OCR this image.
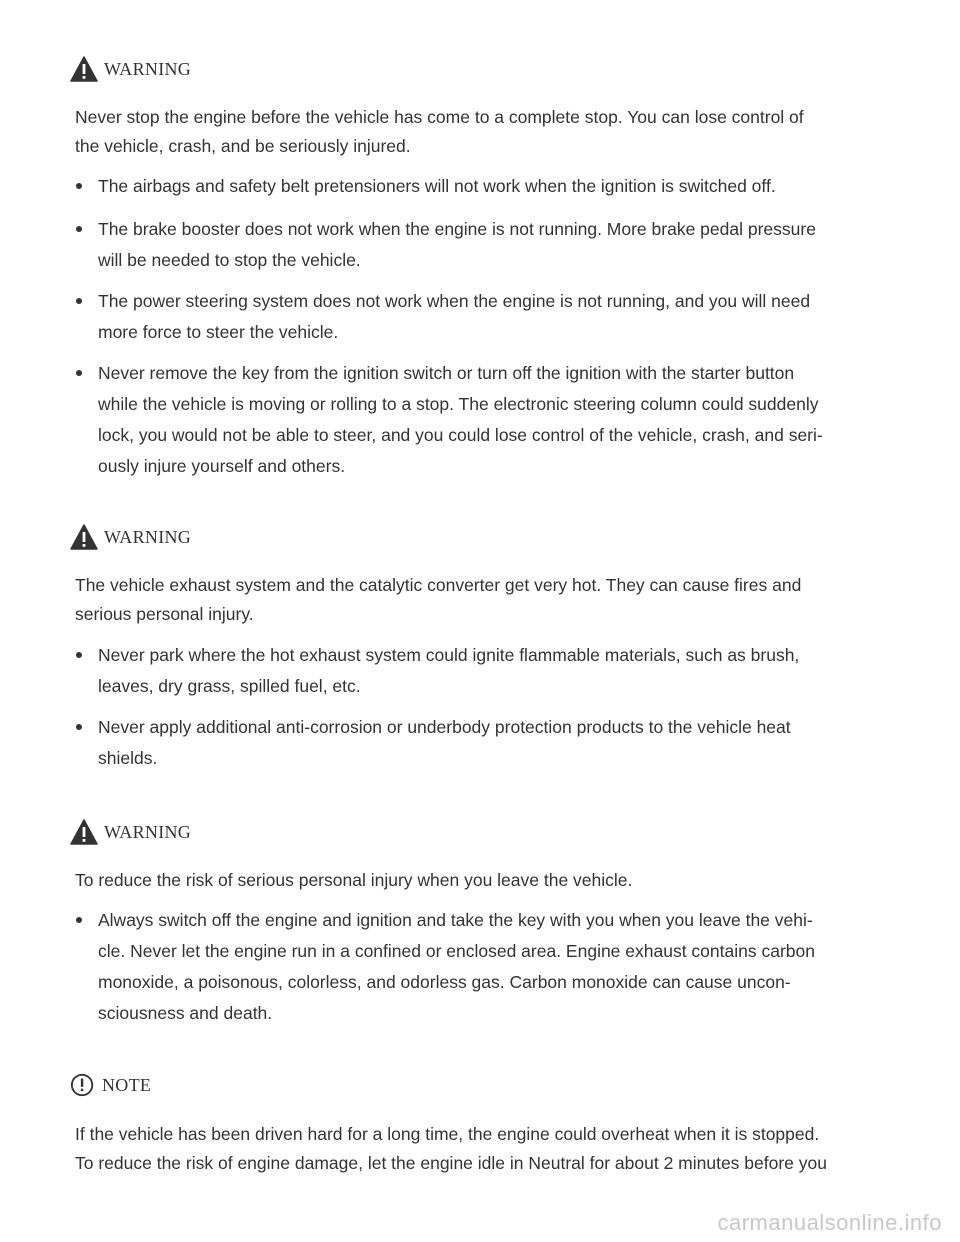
WARNING
Never stop the engine before the vehicle has come to a complete stop. You can lose control of
the vehicle, crash, and be seriously injured.
The airbags and safety belt pretensioners will not work when the ignition is switched off.
The brake booster does not work when the engine is not running. More brake pedal pressure
will be needed to stop the vehicle.
The power steering system does not work when the engine is not running, and you will need
more force to steer the vehicle.
Never remove the key from the ignition switch or turn off the ignition with the starter button
while the vehicle is moving or rolling to a stop. The electronic steering column could suddenly
lock, you would not be able to steer, and you could lose control of the vehicle, crash, and seri-
ously injure yourself and others.
WARNING
The vehicle exhaust system and the catalytic converter get very hot. They can cause fires and
serious personal injury.
Never park where the hot exhaust system could ignite flammable materials, such as brush,
leaves, dry grass, spilled fuel, etc.
Never apply additional anti-corrosion or underbody protection products to the vehicle heat
shields.
WARNING
To reduce the risk of serious personal injury when you leave the vehicle.
Always switch off the engine and ignition and take the key with you when you leave the vehi-
cle. Never let the engine run in a confined or enclosed area. Engine exhaust contains carbon
monoxide, a poisonous, colorless, and odorless gas. Carbon monoxide can cause uncon-
sciousness and death.
NOTE
If the vehicle has been driven hard for a long time, the engine could overheat when it is stopped.
To reduce the risk of engine damage, let the engine idle in Neutral for about 2 minutes before you
carmanualsonline.info
